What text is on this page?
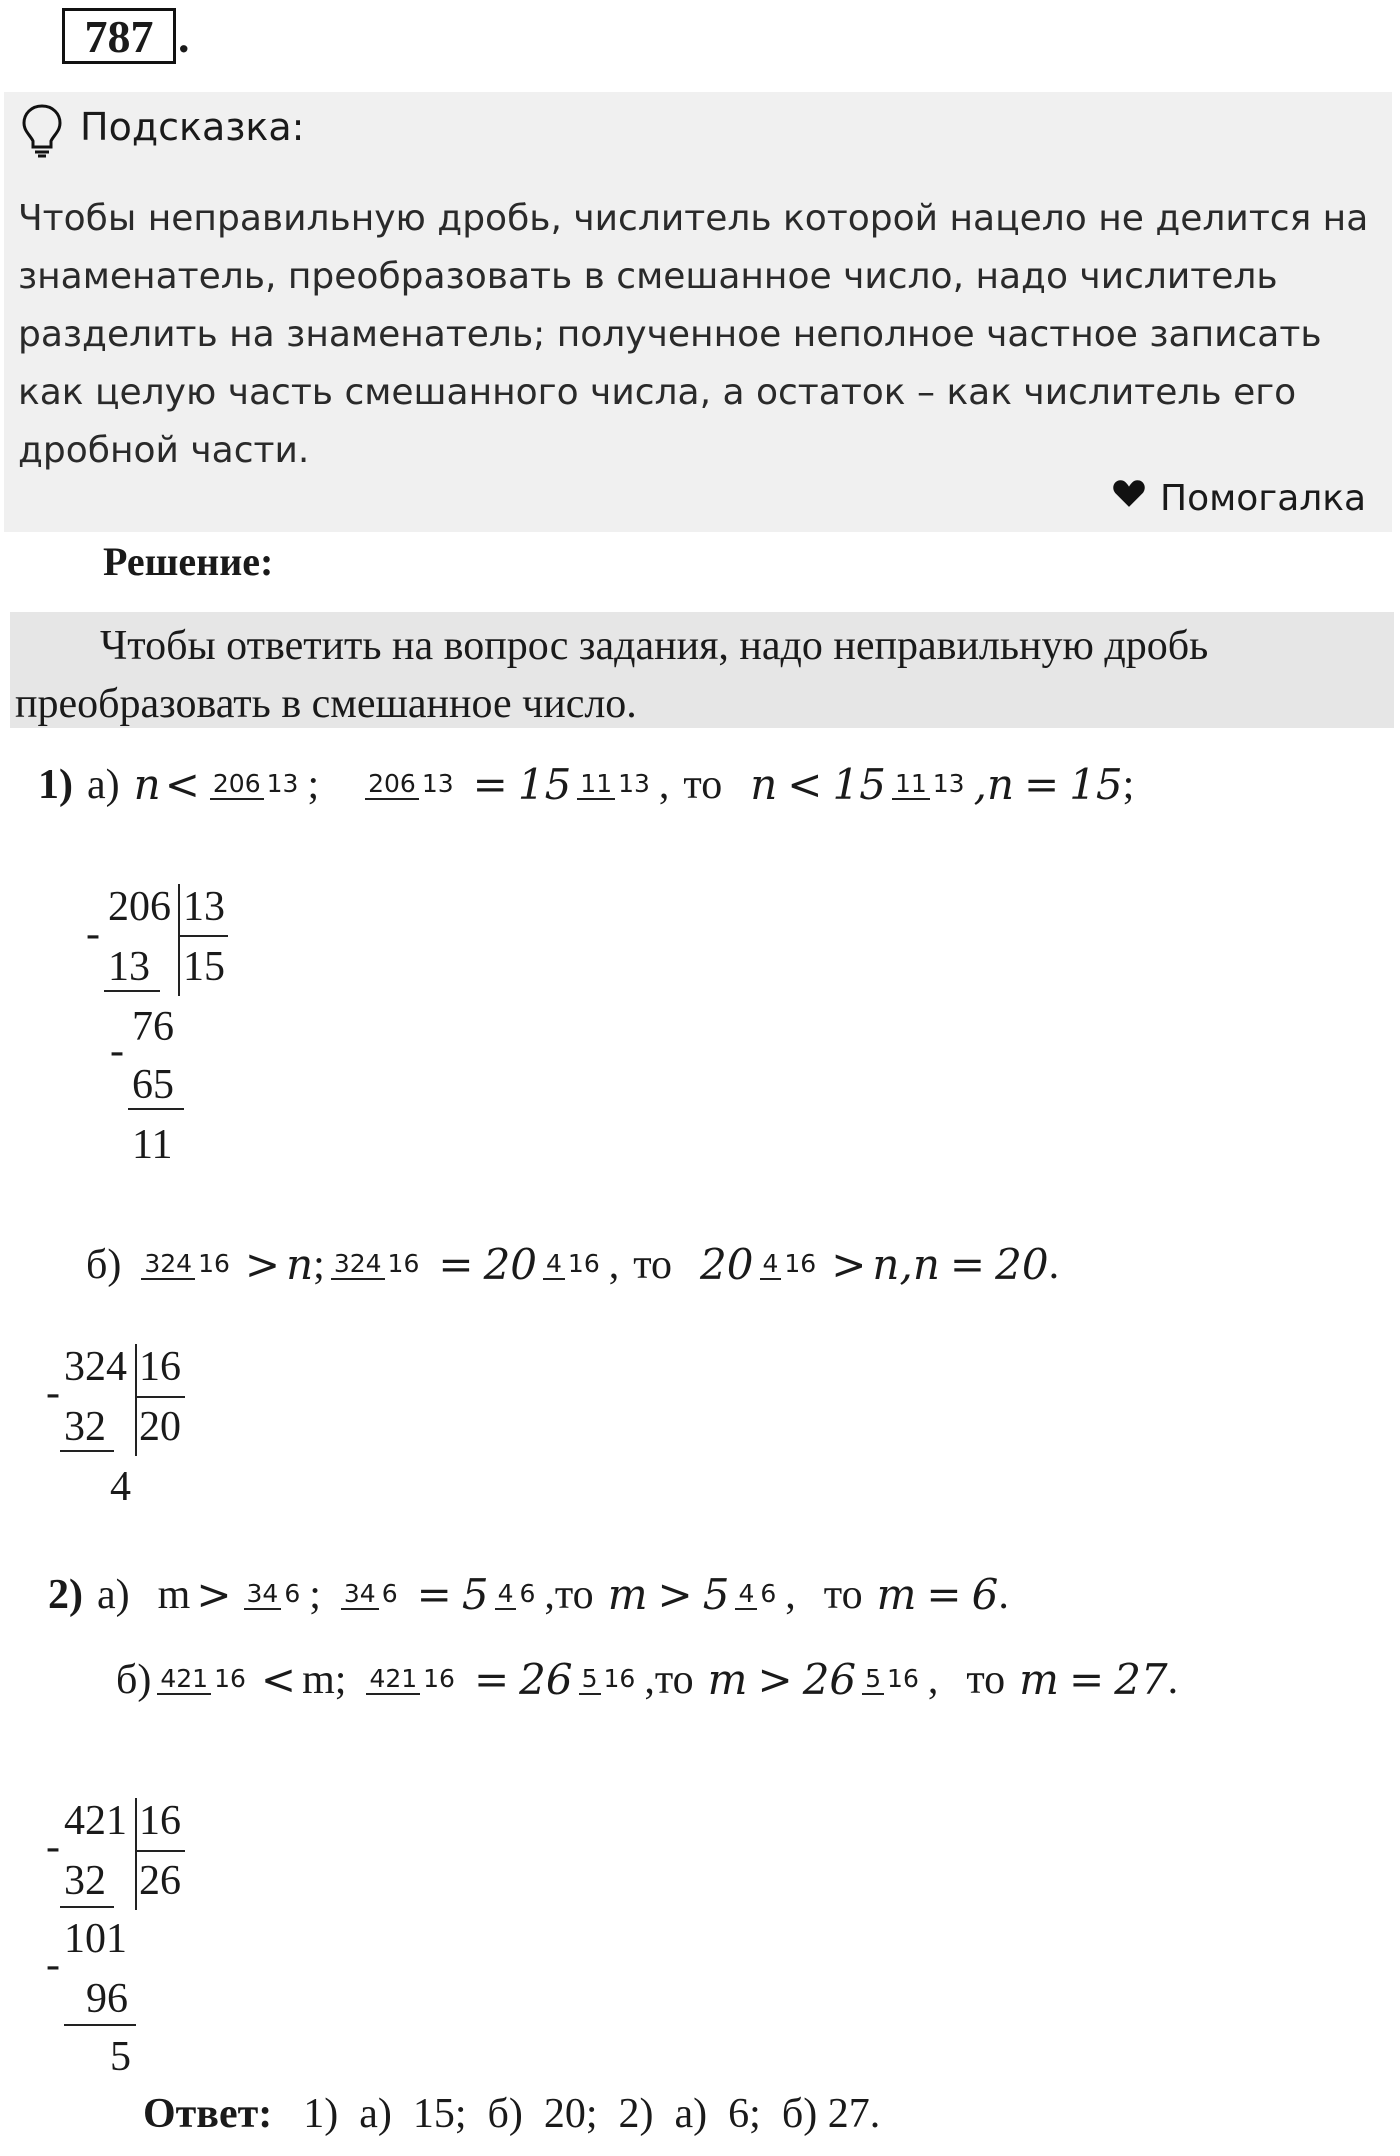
787 .
Подсказка:
Чтобы неправильную дробь, числитель которой нацело не делится на знаменатель, преобразовать в смешанное число, надо числитель разделить на знаменатель; полученное неполное частное записать как целую часть смешанного числа, а остаток – как числитель его дробной части.
Помогалка
Решение:
Чтобы ответить на вопрос задания, надо неправильную дробь преобразовать в смешанное число.
1) а) n < 206 13 ; 206 13 = 15 11 13 , то n < 15 11 13 , n = 15 ;
206 13
-
13 15
76
-
65
11
б) 324 16 > n ; 324 16 = 20 4 16 , то 20 4 16 > n , n = 20 .
324 16
-
32 20
4
2) а) m > 34 6 ; 34 6 = 5 4 6 , то m > 5 4 6 , то m = 6 .
б) 421 16 < m ; 421 16 = 26 5 16 , то m > 26 5 16 , то m = 27 .
421 16
-
32 26
101
-
96
5
Ответ: 1)  а)  15;  б)  20;  2)  а)  6;  б) 27.
